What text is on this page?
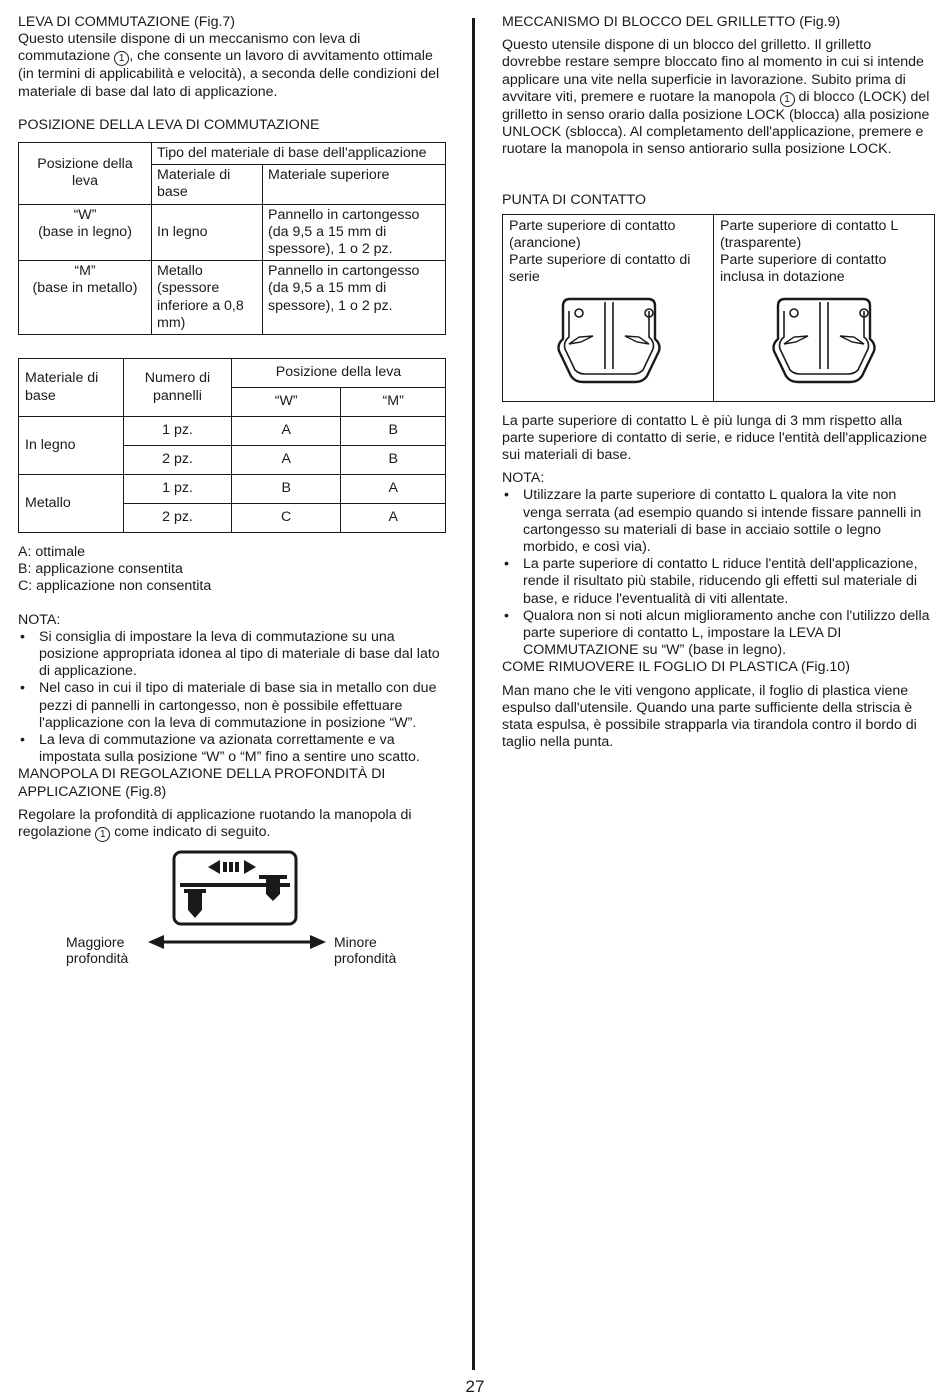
LEVA DI COMMUTAZIONE (Fig.7)

Questo utensile dispone di un meccanismo con leva di commutazione 1 , che consente un lavoro di avvitamento ottimale (in termini di applicabilità e velocità), a seconda delle condizioni del materiale di base dal lato di applicazione.

POSIZIONE DELLA LEVA DI COMMUTAZIONE
Posizione della leva	Tipo del materiale di base dell'applicazione	
	Materiale di base	Materiale superiore
“W”
(base in legno)	In legno	Pannello in cartongesso (da 9,5 a 15 mm di spessore), 1 o 2 pz.
“M”
(base in metallo)	Metallo (spessore inferiore a 0,8 mm)	Pannello in cartongesso (da 9,5 a 15 mm di spessore), 1 o 2 pz.
Materiale di base	Numero di pannelli	Posizione della leva	
		“W”	“M”
In legno	1 pz.	A	B
	2 pz.	A	B
Metallo	1 pz.	B	A
	2 pz.	C	A

A: ottimale

B: applicazione consentita

C: applicazione non consentita

NOTA:

• Si consiglia di impostare la leva di commutazione su una posizione appropriata idonea al tipo di materiale di base dal lato di applicazione.
• Nel caso in cui il tipo di materiale di base sia in metallo con due pezzi di pannelli in cartongesso, non è possibile effettuare l'applicazione con la leva di commutazione in posizione “W”.
• La leva di commutazione va azionata correttamente e va impostata sulla posizione “W” o “M” fino a sentire uno scatto.
MANOPOLA DI REGOLAZIONE DELLA PROFONDITÀ DI APPLICAZIONE (Fig.8)

Regolare la profondità di applicazione ruotando la manopola di regolazione 1 come indicato di seguito.

Maggiore
profondità
Minore
profondità
MECCANISMO DI BLOCCO DEL GRILLETTO (Fig.9)

Questo utensile dispone di un blocco del grilletto. Il grilletto dovrebbe restare sempre bloccato fino al momento in cui si intende applicare una vite nella superficie in lavorazione. Subito prima di avvitare viti, premere e ruotare la manopola 1 di blocco (LOCK) del grilletto in senso orario dalla posizione LOCK (blocca) alla posizione UNLOCK (sblocca). Al completamento dell'applicazione, premere e ruotare la manopola in senso antiorario sulla posizione LOCK.

PUNTA DI CONTATTO

Parte superiore di contatto (arancione)

Parte superiore di contatto di serie

Parte superiore di contatto L (trasparente)

Parte superiore di contatto inclusa in dotazione

La parte superiore di contatto L è più lunga di 3 mm rispetto alla parte superiore di contatto di serie, e riduce l'entità dell'applicazione sui materiali di base.

NOTA:

• Utilizzare la parte superiore di contatto L qualora la vite non venga serrata (ad esempio quando si intende fissare pannelli in cartongesso su materiali di base in acciaio sottile o legno morbido, e così via).
• La parte superiore di contatto L riduce l'entità dell'applicazione, rende il risultato più stabile, riducendo gli effetti sul materiale di base, e riduce l'eventualità di viti allentate.
• Qualora non si noti alcun miglioramento anche con l'utilizzo della parte superiore di contatto L, impostare la LEVA DI COMMUTAZIONE su “W” (base in legno).
COME RIMUOVERE IL FOGLIO DI PLASTICA (Fig.10)

Man mano che le viti vengono applicate, il foglio di plastica viene espulso dall'utensile. Quando una parte sufficiente della striscia è stata espulsa, è possibile strapparla via tirandola contro il bordo di taglio nella punta.

27
